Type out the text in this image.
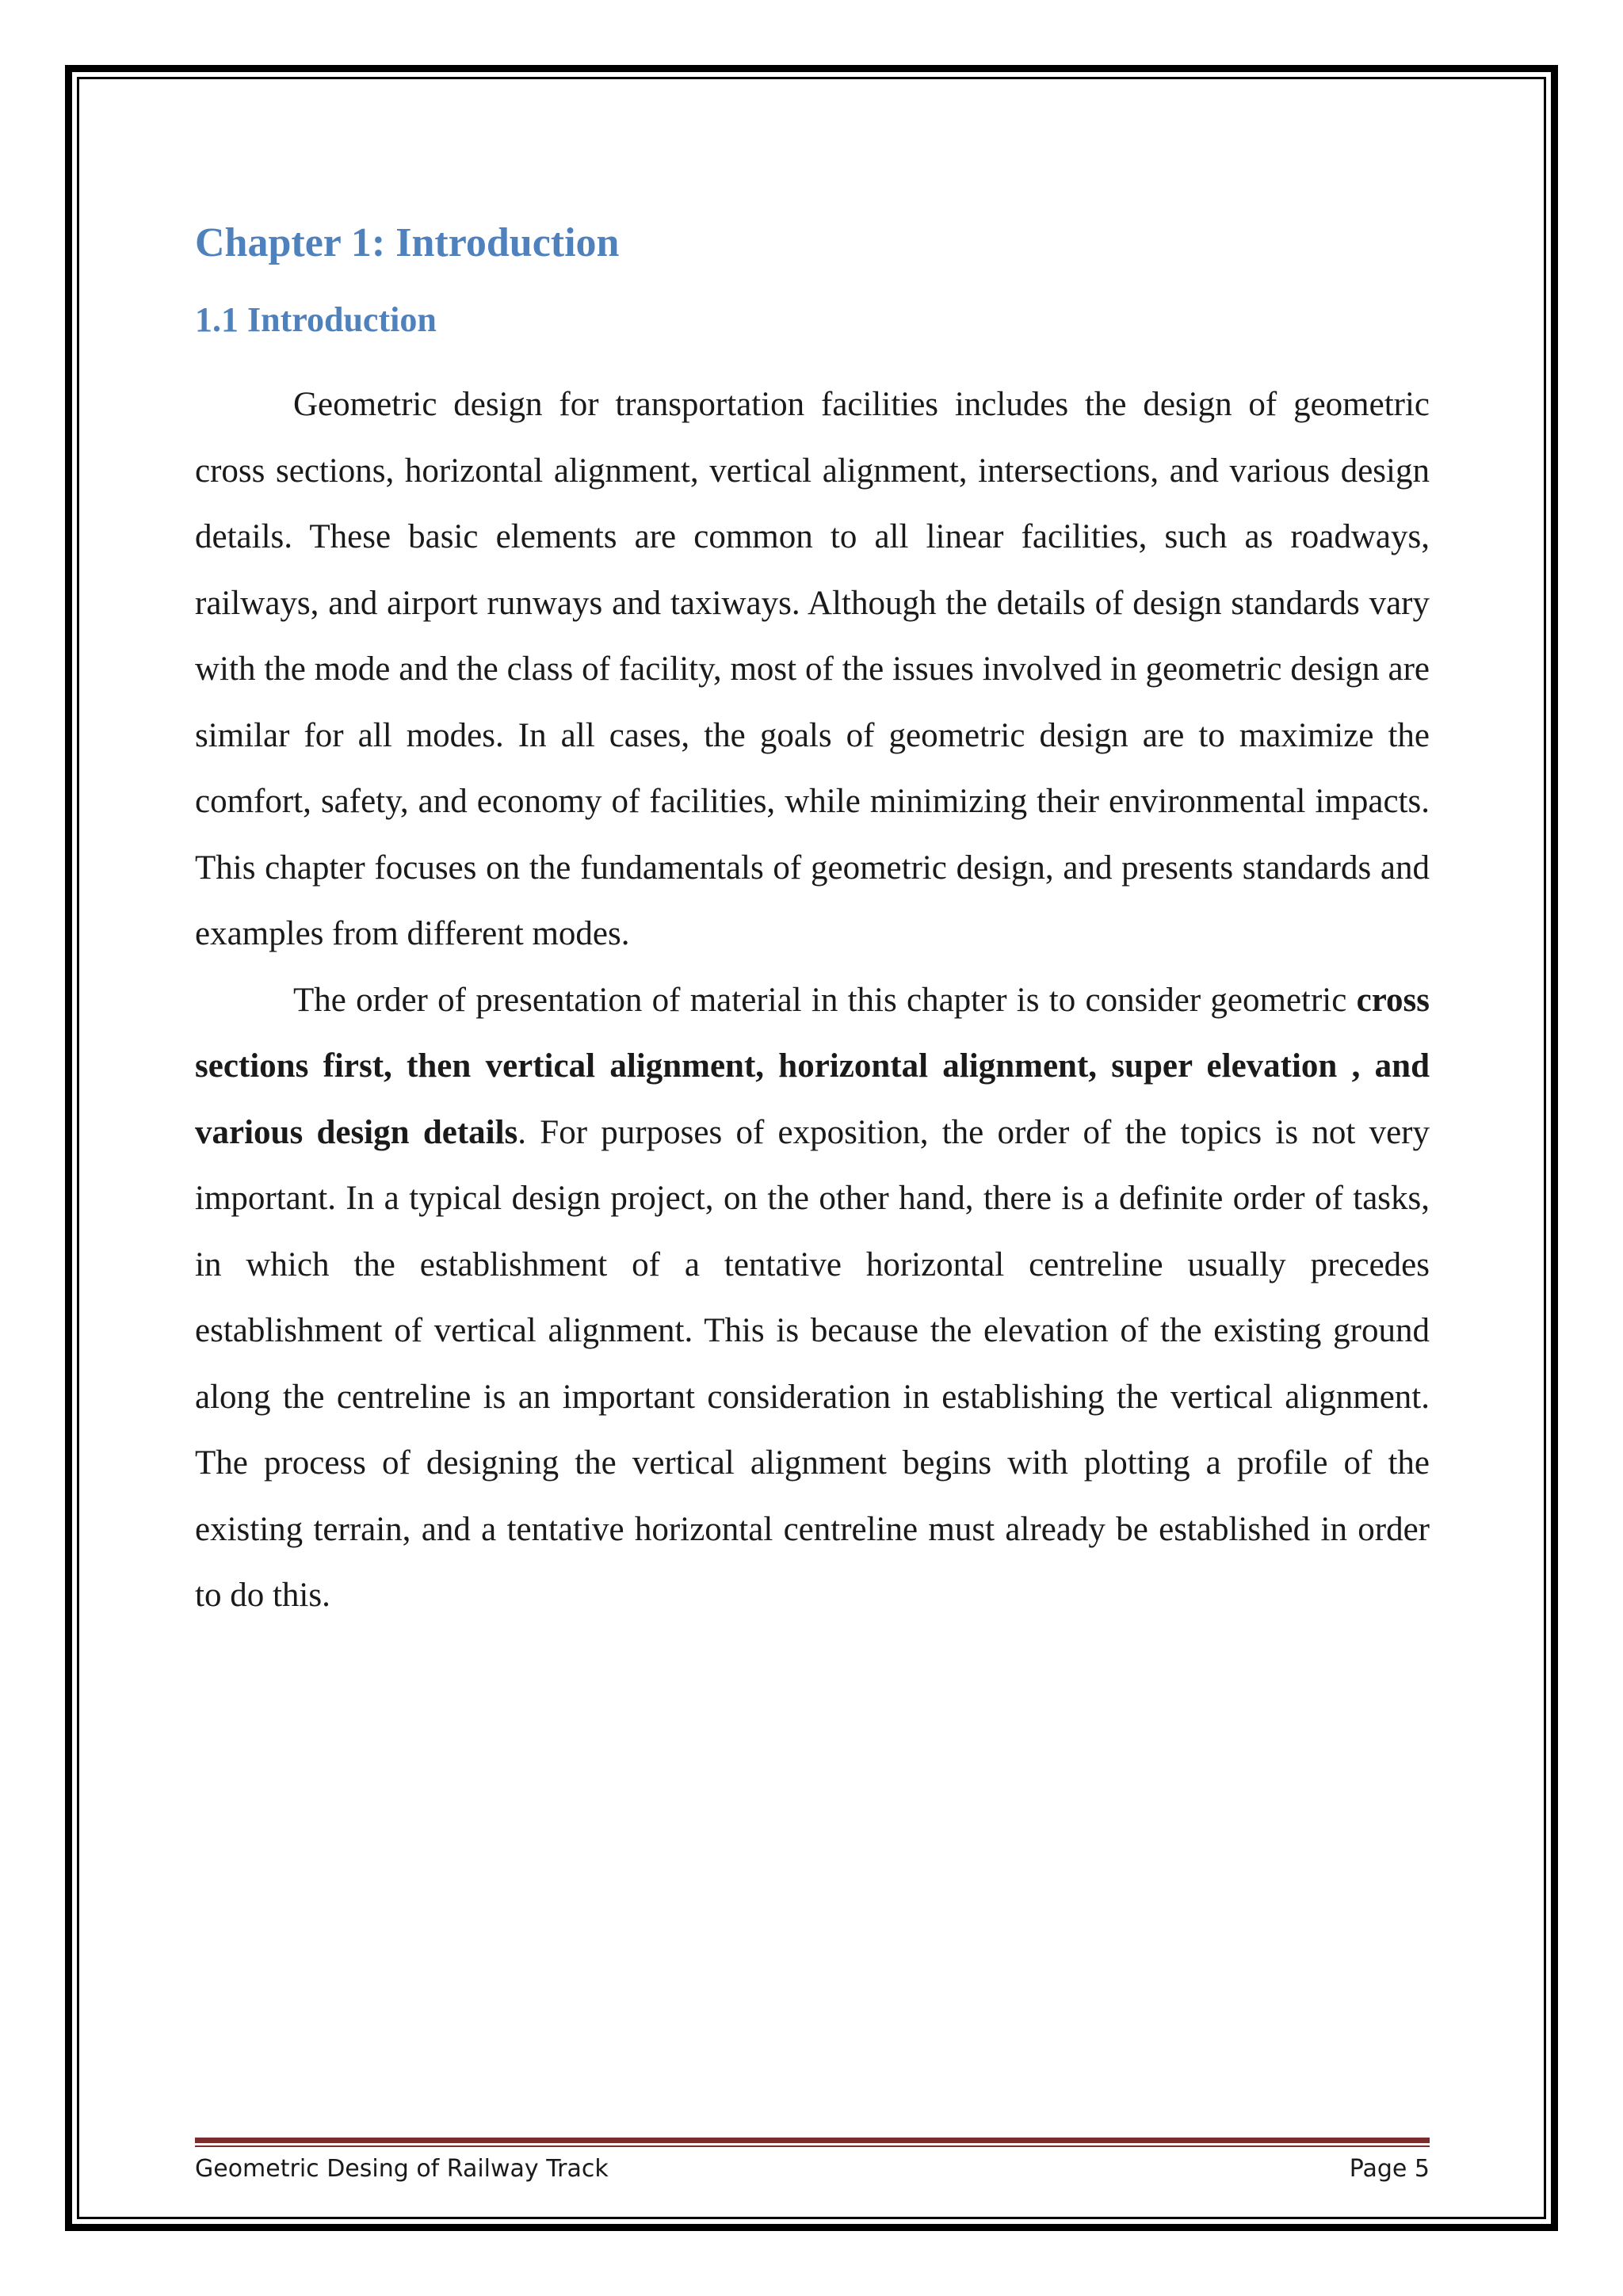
Chapter 1: Introduction
1.1 Introduction

Geometric design for transportation facilities includes the design of geometric cross sections, horizontal alignment, vertical alignment, intersections, and various design details. These basic elements are common to all linear facilities, such as roadways, railways, and airport runways and taxiways. Although the details of design standards vary with the mode and the class of facility, most of the issues involved in geometric design are similar for all modes. In all cases, the goals of geometric design are to maximize the comfort, safety, and economy of facilities, while minimizing their environmental impacts. This chapter focuses on the fundamentals of geometric design, and presents standards and examples from different modes.

The order of presentation of material in this chapter is to consider geometric cross sections first, then vertical alignment, horizontal alignment, super elevation , and various design details. For purposes of exposition, the order of the topics is not very important. In a typical design project, on the other hand, there is a definite order of tasks, in which the establishment of a tentative horizontal centreline usually precedes establishment of vertical alignment. This is because the elevation of the existing ground along the centreline is an important consideration in establishing the vertical alignment. The process of designing the vertical alignment begins with plotting a profile of the existing terrain, and a tentative horizontal centreline must already be established in order to do this.

Geometric Desing of Railway Track	Page 5
